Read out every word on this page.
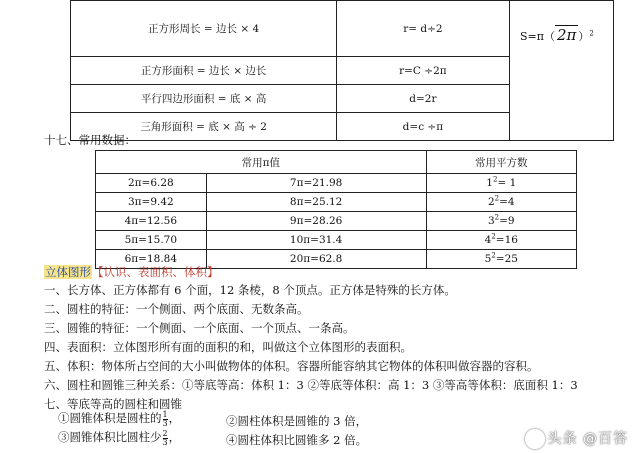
正方形周长 = 边长 × 4	r= d÷2	
正方形面积 = 边长 × 边长	r=C ÷2π	
平行四边形面积 = 底 × 高	d=2r	
三角形面积 = 底 × 高 ÷ 2	d=c ÷π	
S=π（ 2π ）$^2$
十七、常用数据：
常用π值		常用平方数
2π=6.28	7π=21.98	$1^2= 1$
3π=9.42	8π=25.12	$2^2=4$
4π=12.56	9π=28.26	$3^2=9$
5π=15.70	10π=31.4	$4^2=16$
6π=18.84	20π=62.8	$5^2=25$
立体图形【认识、表面积、体积】
一、长方体、正方体都有 6 个面，12 条棱，8 个顶点。正方体是特殊的长方体。
二、圆柱的特征：一个侧面、两个底面、无数条高。
三、圆锥的特征：一个侧面、一个底面、一个顶点、一条高。
四、表面积：立体图形所有面的面积的和，叫做这个立体图形的表面积。
五、体积：物体所占空间的大小叫做物体的体积。容器所能容纳其它物体的体积叫做容器的容积。
六、圆柱和圆锥三种关系：①等底等高：体积 1：3 ②等底等体积：高 1：3 ③等高等体积：底面积 1：3
七、等底等高的圆柱和圆锥
①圆锥体积是圆柱的 $\frac{1}{3}$ ，	②圆柱体积是圆锥的 3 倍，
③圆锥体积比圆柱少 $\frac{2}{3}$ ，	④圆柱体积比圆锥多 2 倍。	头条 @百答
